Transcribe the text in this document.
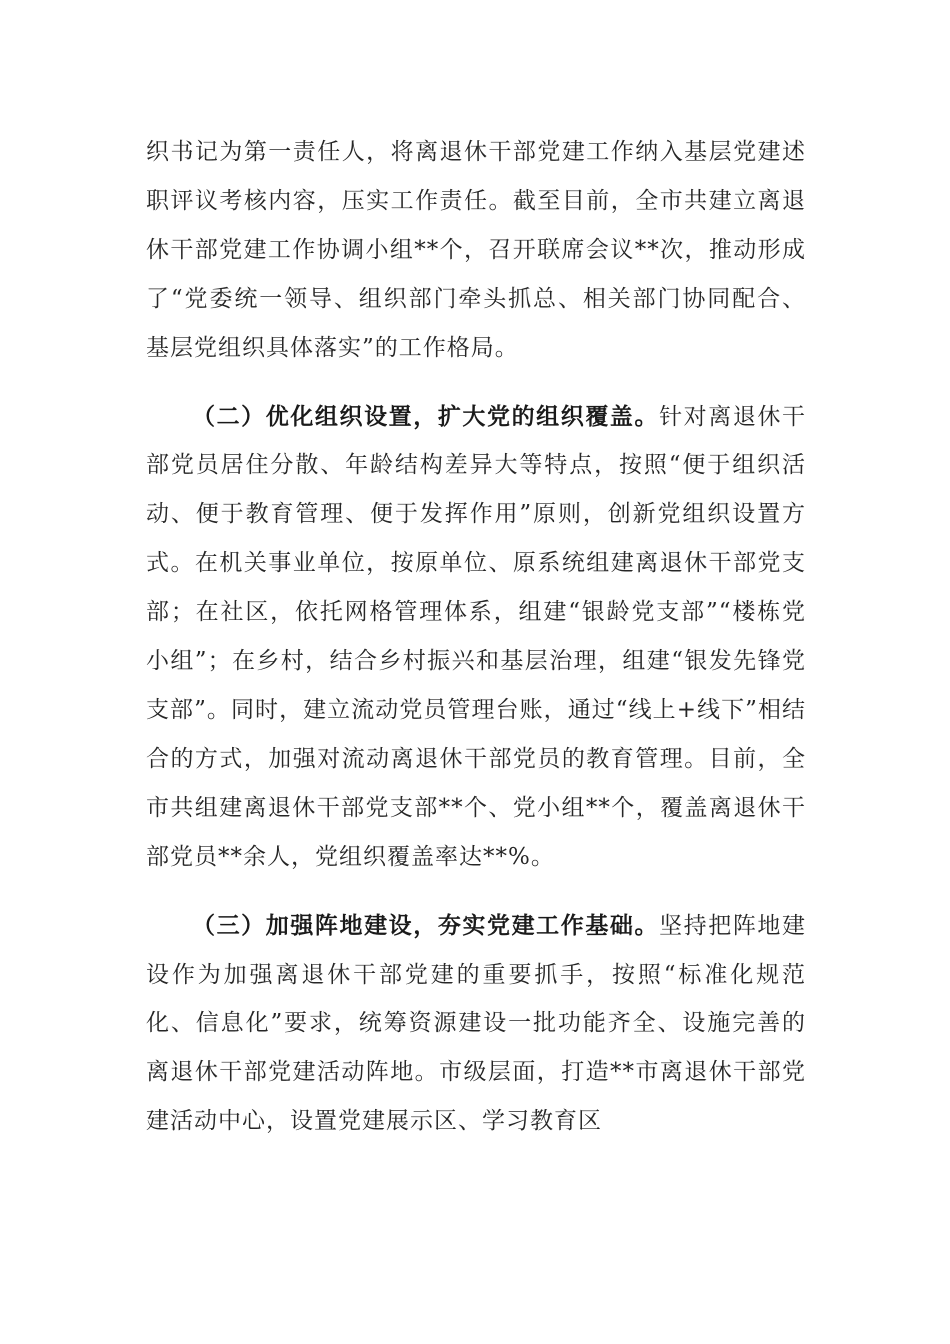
织书记为第一责任人，将离退休干部党建工作纳入基层党建述职评议考核内容，压实工作责任。截至目前，全市共建立离退休干部党建工作协调小组**个，召开联席会议**次，推动形成了“党委统一领导、组织部门牵头抓总、相关部门协同配合、基层党组织具体落实”的工作格局。

（二）优化组织设置，扩大党的组织覆盖。针对离退休干部党员居住分散、年龄结构差异大等特点，按照“便于组织活动、便于教育管理、便于发挥作用”原则，创新党组织设置方式。在机关事业单位，按原单位、原系统组建离退休干部党支部；在社区，依托网格管理体系，组建“银龄党支部”“楼栋党小组”；在乡村，结合乡村振兴和基层治理，组建“银发先锋党支部”。同时，建立流动党员管理台账，通过“线上+线下”相结合的方式，加强对流动离退休干部党员的教育管理。目前，全市共组建离退休干部党支部**个、党小组**个，覆盖离退休干部党员**余人，党组织覆盖率达**%。

（三）加强阵地建设，夯实党建工作基础。坚持把阵地建设作为加强离退休干部党建的重要抓手，按照“标准化规范化、信息化”要求，统筹资源建设一批功能齐全、设施完善的离退休干部党建活动阵地。市级层面，打造**市离退休干部党建活动中心，设置党建展示区、学习教育区
